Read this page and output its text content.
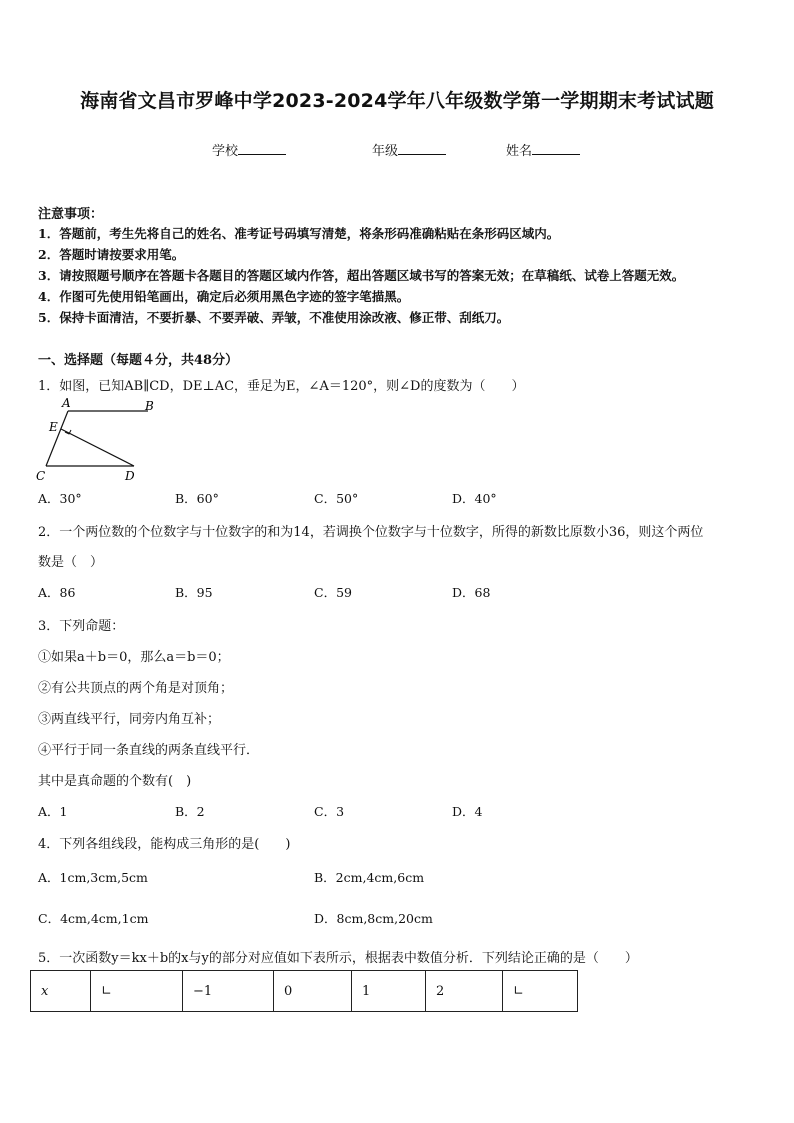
海南省文昌市罗峰中学2023-2024学年八年级数学第一学期期末考试试题
学校	年级	姓名
注意事项：
1．答题前，考生先将自己的姓名、准考证号码填写清楚，将条形码准确粘贴在条形码区域内。
2．答题时请按要求用笔。
3．请按照题号顺序在答题卡各题目的答题区域内作答，超出答题区域书写的答案无效；在草稿纸、试卷上答题无效。
4．作图可先使用铅笔画出，确定后必须用黑色字迹的签字笔描黑。
5．保持卡面清洁，不要折暴、不要弄破、弄皱，不准使用涂改液、修正带、刮纸刀。
一、选择题（每题４分，共48分）
1．如图，已知AB∥CD，DE⊥AC，垂足为E，∠A＝120°，则∠D的度数为（　　）
A	B
E
C	D
A．30°	B．60°	C．50°	D．40°
2．一个两位数的个位数字与十位数字的和为14，若调换个位数字与十位数字，所得的新数比原数小36，则这个两位
数是（　）
A．86	B．95	C．59	D．68
3．下列命题：
①如果a＋b＝0，那么a＝b＝0；
②有公共顶点的两个角是对顶角；
③两直线平行，同旁内角互补；
④平行于同一条直线的两条直线平行．
其中是真命题的个数有(　)
A．1	B．2	C．3	D．4
4．下列各组线段，能构成三角形的是(　　)
A．1cm,3cm,5cm	B．2cm,4cm,6cm
C．4cm,4cm,1cm	D．8cm,8cm,20cm
5．一次函数y＝kx＋b的x与y的部分对应值如下表所示，根据表中数值分析．下列结论正确的是（　　）
x	∟	−1	0	1	2	∟
